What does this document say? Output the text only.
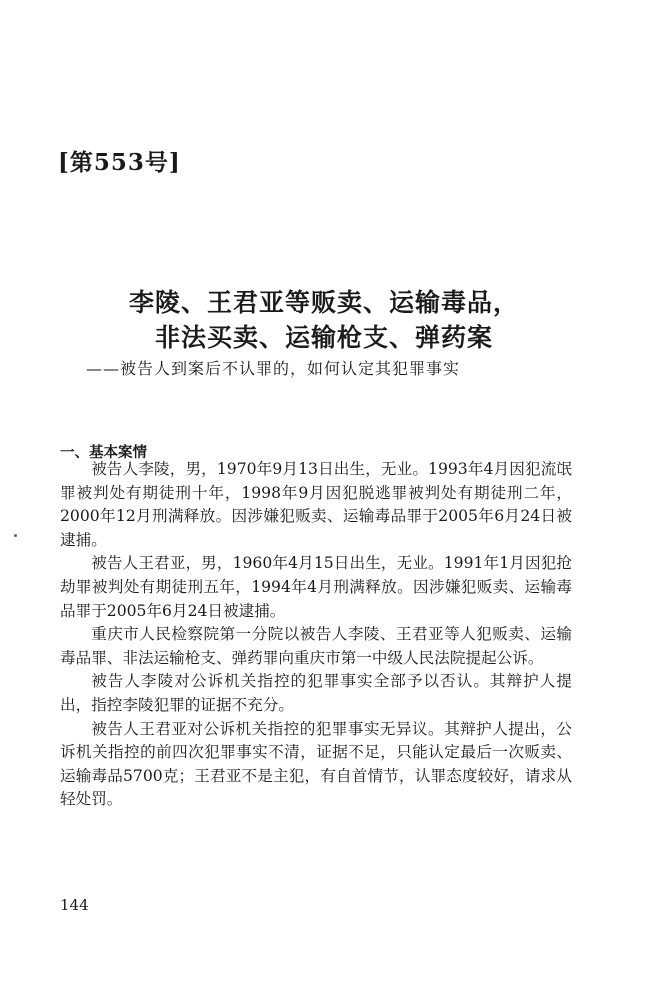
[第553号]
李陵、王君亚等贩卖、运输毒品，
非法买卖、运输枪支、弹药案
——被告人到案后不认罪的，如何认定其犯罪事实
一、基本案情

被告人李陵，男，1970年9月13日出生，无业。1993年4月因犯流氓罪被判处有期徒刑十年，1998年9月因犯脱逃罪被判处有期徒刑二年，2000年12月刑满释放。因涉嫌犯贩卖、运输毒品罪于2005年6月24日被逮捕。

被告人王君亚，男，1960年4月15日出生，无业。1991年1月因犯抢劫罪被判处有期徒刑五年，1994年4月刑满释放。因涉嫌犯贩卖、运输毒品罪于2005年6月24日被逮捕。

重庆市人民检察院第一分院以被告人李陵、王君亚等人犯贩卖、运输毒品罪、非法运输枪支、弹药罪向重庆市第一中级人民法院提起公诉。

被告人李陵对公诉机关指控的犯罪事实全部予以否认。其辩护人提出，指控李陵犯罪的证据不充分。

被告人王君亚对公诉机关指控的犯罪事实无异议。其辩护人提出，公诉机关指控的前四次犯罪事实不清，证据不足，只能认定最后一次贩卖、运输毒品5700克；王君亚不是主犯，有自首情节，认罪态度较好，请求从轻处罚。

144
